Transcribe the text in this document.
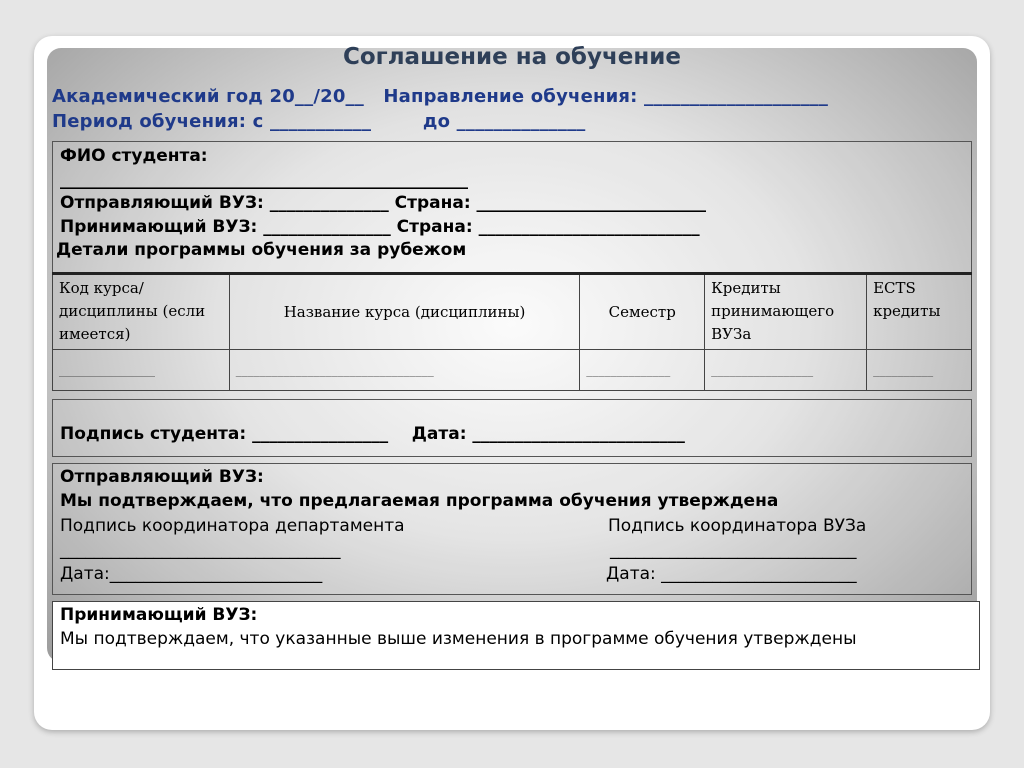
Соглашение на обучение
Академический год 20__/20__   Направление обучения: ____________________
Период обучения: с ___________        до ______________
ФИО студента:
________________________________________________
Отправляющий ВУЗ: ______________ Страна: ___________________________
Принимающий ВУЗ: _______________ Страна: __________________________
Детали программы обучения за рубежом
Код курса/дисциплины (если имеется)	Название курса (дисциплины)	Семестр	Кредиты принимающего ВУЗа	ECTS кредиты
________________	_________________________________	______________	_________________	__________
Подпись студента: ________________    Дата: _________________________
Отправляющий ВУЗ:
Мы подтверждаем, что предлагаемая программа обучения утверждена
Подпись координатора департамента	Подпись координатора ВУЗа
_________________________________	_____________________________
Дата:_________________________	Дата: _______________________
Принимающий ВУЗ:
Мы подтверждаем, что указанные выше изменения в программе обучения утверждены
